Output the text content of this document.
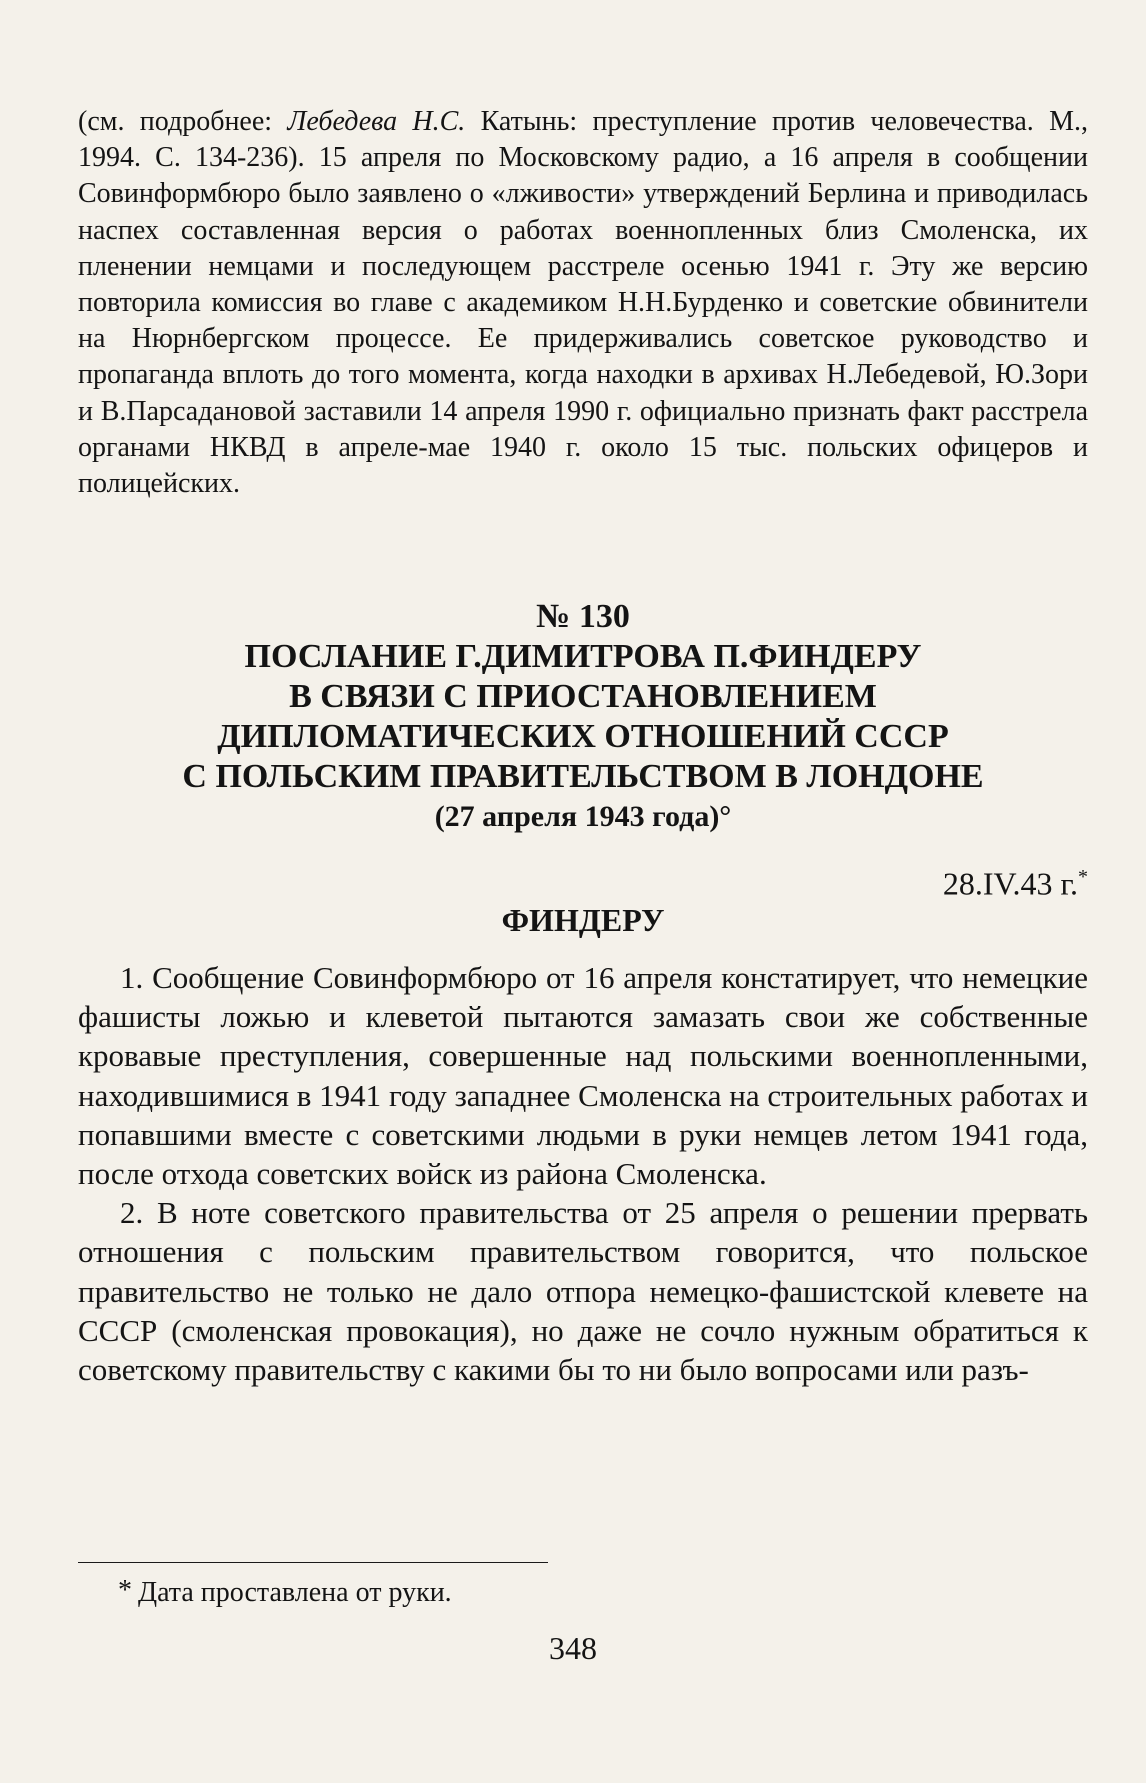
(см. подробнее: Лебедева Н.С. Катынь: преступление против человечества. М., 1994. С. 134-236). 15 апреля по Московскому радио, а 16 апреля в сообщении Совинформбюро было заявлено о «лживости» утверждений Берлина и приводилась наспех составленная версия о работах военнопленных близ Смоленска, их пленении немцами и последующем расстреле осенью 1941 г. Эту же версию повторила комиссия во главе с академиком Н.Н.Бурденко и советские обвинители на Нюрнбергском процессе. Ее придерживались советское руководство и пропаганда вплоть до того момента, когда находки в архивах Н.Лебедевой, Ю.Зори и В.Парсадановой заставили 14 апреля 1990 г. официально признать факт расстрела органами НКВД в апреле-мае 1940 г. около 15 тыс. польских офицеров и полицейских.

№ 130
ПОСЛАНИЕ Г.ДИМИТРОВА П.ФИНДЕРУ
В СВЯЗИ С ПРИОСТАНОВЛЕНИЕМ
ДИПЛОМАТИЧЕСКИХ ОТНОШЕНИЙ СССР
С ПОЛЬСКИМ ПРАВИТЕЛЬСТВОМ В ЛОНДОНЕ
(27 апреля 1943 года)°
28.IV.43 г.*
ФИНДЕРУ

1. Сообщение Совинформбюро от 16 апреля констатирует, что немецкие фашисты ложью и клеветой пытаются замазать свои же собственные кровавые преступления, совершенные над польскими военнопленными, находившимися в 1941 году западнее Смоленска на строительных работах и попавшими вместе с советскими людьми в руки немцев летом 1941 года, после отхода советских войск из района Смоленска.

2. В ноте советского правительства от 25 апреля о решении прервать отношения с польским правительством говорится, что польское правительство не только не дало отпора немецко-фашистской клевете на СССР (смоленская провокация), но даже не сочло нужным обратиться к советскому правительству с какими бы то ни было вопросами или разъ-

* Дата проставлена от руки.
348
